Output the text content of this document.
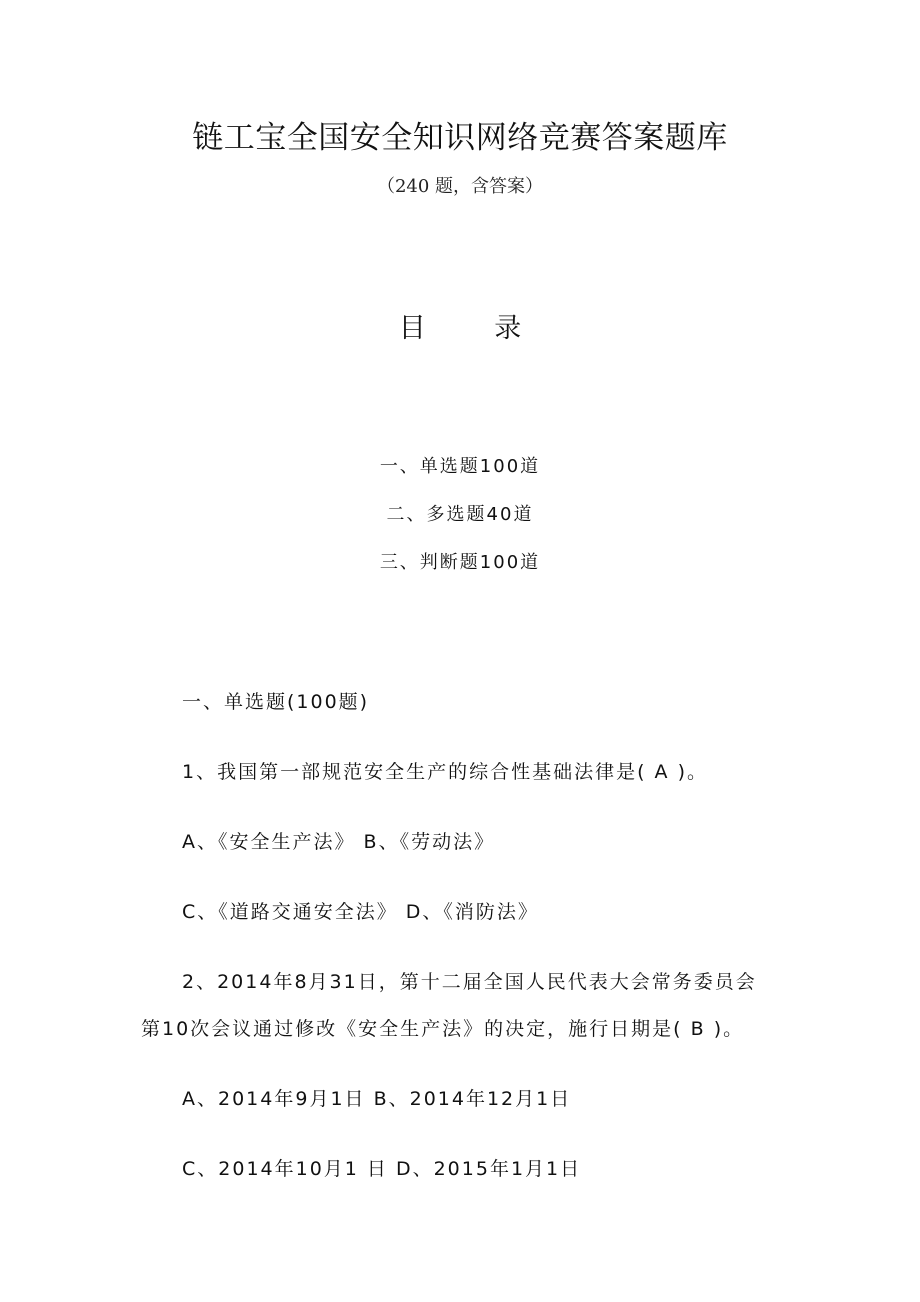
链工宝全国安全知识网络竞赛答案题库
（240 题，含答案）
目 录
一、单选题100道
二、多选题40道
三、判断题100道
一、单选题(100题)
1、我国第一部规范安全生产的综合性基础法律是( A )。
A、《安全生产法》 B、《劳动法》
C、《道路交通安全法》 D、《消防法》
2、2014年8月31日，第十二届全国人民代表大会常务委员会
第10次会议通过修改《安全生产法》的决定，施行日期是( B )。
A、2014年9月1日 B、2014年12月1日
C、2014年10月1 日 D、2015年1月1日
